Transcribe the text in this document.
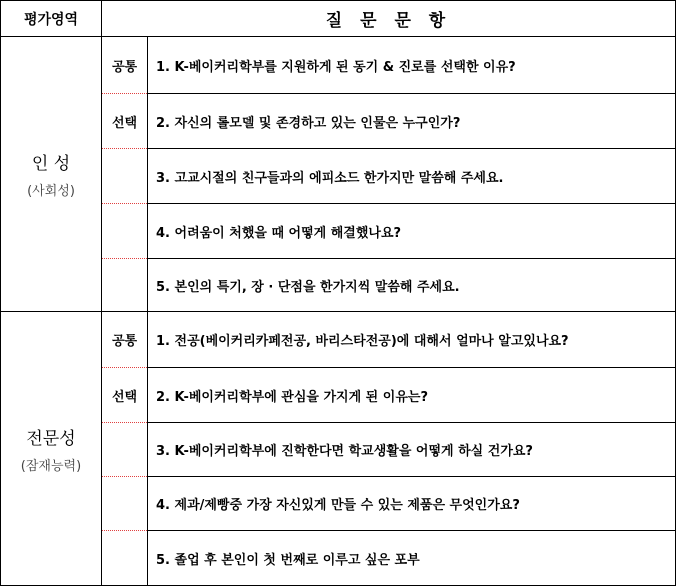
평가영역	질 문 문 항
인 성
(사회성)
공통
선택
1. K-베이커리학부를 지원하게 된 동기 & 진로를 선택한 이유?
2. 자신의 롤모델 및 존경하고 있는 인물은 누구인가?
3. 고교시절의 친구들과의 에피소드 한가지만 말씀해 주세요.
4. 어려움이 처했을 때 어떻게 해결했나요?
5. 본인의 특기, 장 · 단점을 한가지씩 말씀해 주세요.
전문성
(잠재능력)
공통
선택
1. 전공(베이커리카페전공, 바리스타전공)에 대해서 얼마나 알고있나요?
2. K-베이커리학부에 관심을 가지게 된 이유는?
3. K-베이커리학부에 진학한다면 학교생활을 어떻게 하실 건가요?
4. 제과/제빵중 가장 자신있게 만들 수 있는 제품은 무엇인가요?
5. 졸업 후 본인이 첫 번째로 이루고 싶은 포부
